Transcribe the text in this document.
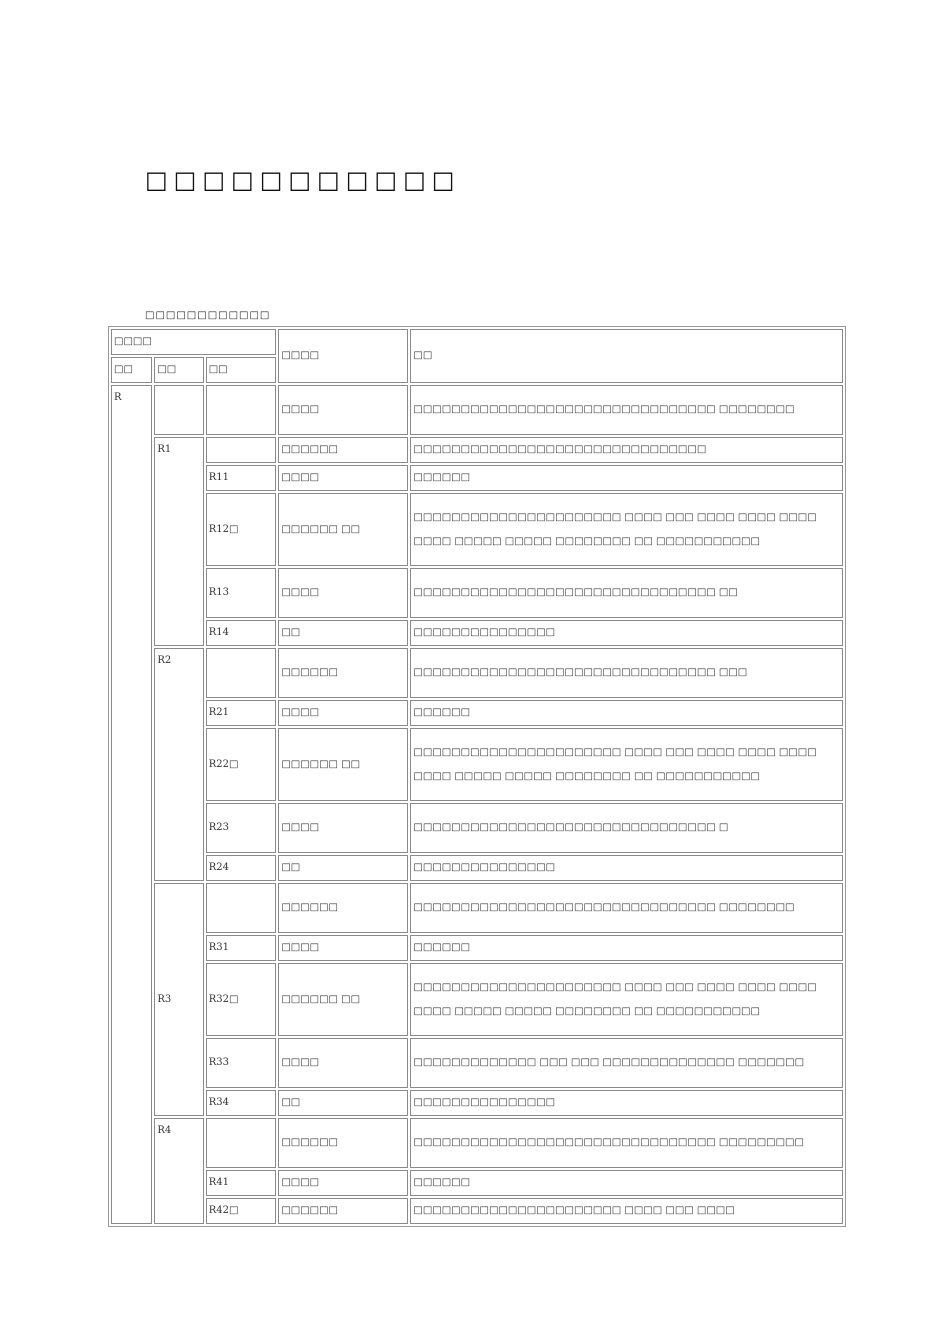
□□□□□□□□□□□
□□□□□□□□□□□□
□□□□			□□□□	□□
□□	□□	□□		
R			□□□□	□□□□□□□□□□□□□□□□□□□□□□□□□□□□□□□□ □□□□□□□□
	R1		□□□□□□	□□□□□□□□□□□□□□□□□□□□□□□□□□□□□□□
		R11	□□□□	□□□□□□
		R12□	□□□□□□ □□	□□□□□□□□□□□□□□□□□□□□□□ □□□□ □□□ □□□□ □□□□ □□□□ □□□□ □□□□□ □□□□□ □□□□□□□□ □□ □□□□□□□□□□□
		R13	□□□□	□□□□□□□□□□□□□□□□□□□□□□□□□□□□□□□□ □□
		R14	□□	□□□□□□□□□□□□□□□
	R2		□□□□□□	□□□□□□□□□□□□□□□□□□□□□□□□□□□□□□□□ □□□
		R21	□□□□	□□□□□□
		R22□	□□□□□□ □□	□□□□□□□□□□□□□□□□□□□□□□ □□□□ □□□ □□□□ □□□□ □□□□ □□□□ □□□□□ □□□□□ □□□□□□□□ □□ □□□□□□□□□□□
		R23	□□□□	□□□□□□□□□□□□□□□□□□□□□□□□□□□□□□□□ □
		R24	□□	□□□□□□□□□□□□□□□
	R3		□□□□□□	□□□□□□□□□□□□□□□□□□□□□□□□□□□□□□□□ □□□□□□□□
		R31	□□□□	□□□□□□
		R32□	□□□□□□ □□	□□□□□□□□□□□□□□□□□□□□□□ □□□□ □□□ □□□□ □□□□ □□□□ □□□□ □□□□□ □□□□□ □□□□□□□□ □□ □□□□□□□□□□□
		R33	□□□□	□□□□□□□□□□□□□ □□□ □□□ □□□□□□□□□□□□□□ □□□□□□□
		R34	□□	□□□□□□□□□□□□□□□
	R4		□□□□□□	□□□□□□□□□□□□□□□□□□□□□□□□□□□□□□□□ □□□□□□□□□
		R41	□□□□	□□□□□□
		R42□	□□□□□□	□□□□□□□□□□□□□□□□□□□□□□ □□□□ □□□ □□□□
